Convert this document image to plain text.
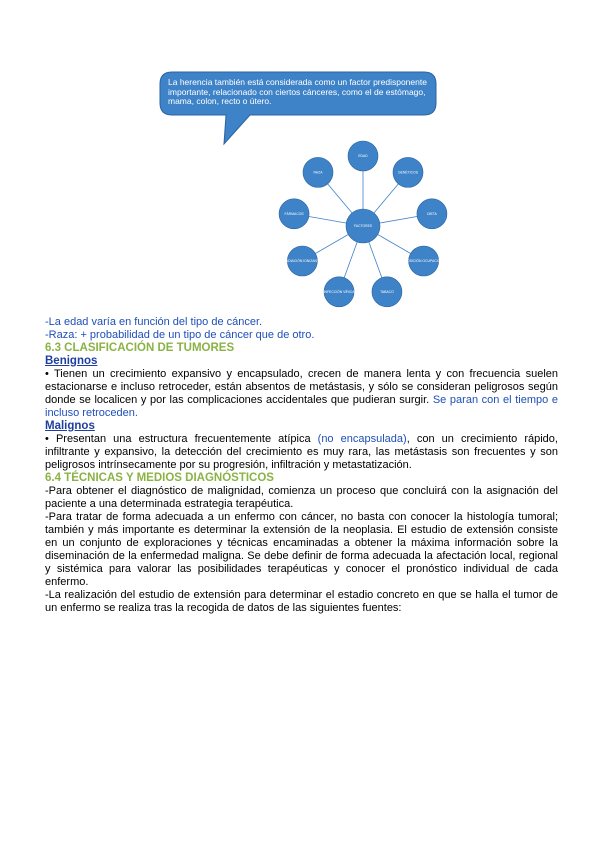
La herencia también está considerada como un factor predisponente importante, relacionado con ciertos cánceres, como el de estómago, mama, colon, recto o útero.
EDAD
GENÉTICOS
DIETA
EXPOSICIÓN OCUPACIONAL
TABACO
INFECCIÓN VÍRICA
RADIACIÓN IONIZANTE
FÁRMACOS
RAZA
FACTORES

-La edad varía en función del tipo de cáncer.

-Raza: + probabilidad de un tipo de cáncer que de otro.

6.3 CLASIFICACIÓN DE TUMORES

Benignos

• Tienen un crecimiento expansivo y encapsulado, crecen de manera lenta y con frecuencia suelen estacionarse e incluso retroceder, están absentos de metástasis, y sólo se consideran peligrosos según donde se localicen y por las complicaciones accidentales que pudieran surgir. Se paran con el tiempo e incluso retroceden.

Malignos

• Presentan una estructura frecuentemente atípica (no encapsulada), con un crecimiento rápido, infiltrante y expansivo, la detección del crecimiento es muy rara, las metástasis son frecuentes y son peligrosos intrínsecamente por su progresión, infiltración y metastatización.

6.4 TÉCNICAS Y MEDIOS DIAGNÓSTICOS

-Para obtener el diagnóstico de malignidad, comienza un proceso que concluirá con la asignación del paciente a una determinada estrategia terapéutica.

-Para tratar de forma adecuada a un enfermo con cáncer, no basta con conocer la histología tumoral; también y más importante es determinar la extensión de la neoplasia. El estudio de extensión consiste en un conjunto de exploraciones y técnicas encaminadas a obtener la máxima información sobre la diseminación de la enfermedad maligna. Se debe definir de forma adecuada la afectación local, regional y sistémica para valorar las posibilidades terapéuticas y conocer el pronóstico individual de cada enfermo.

-La realización del estudio de extensión para determinar el estadio concreto en que se halla el tumor de un enfermo se realiza tras la recogida de datos de las siguientes fuentes:
